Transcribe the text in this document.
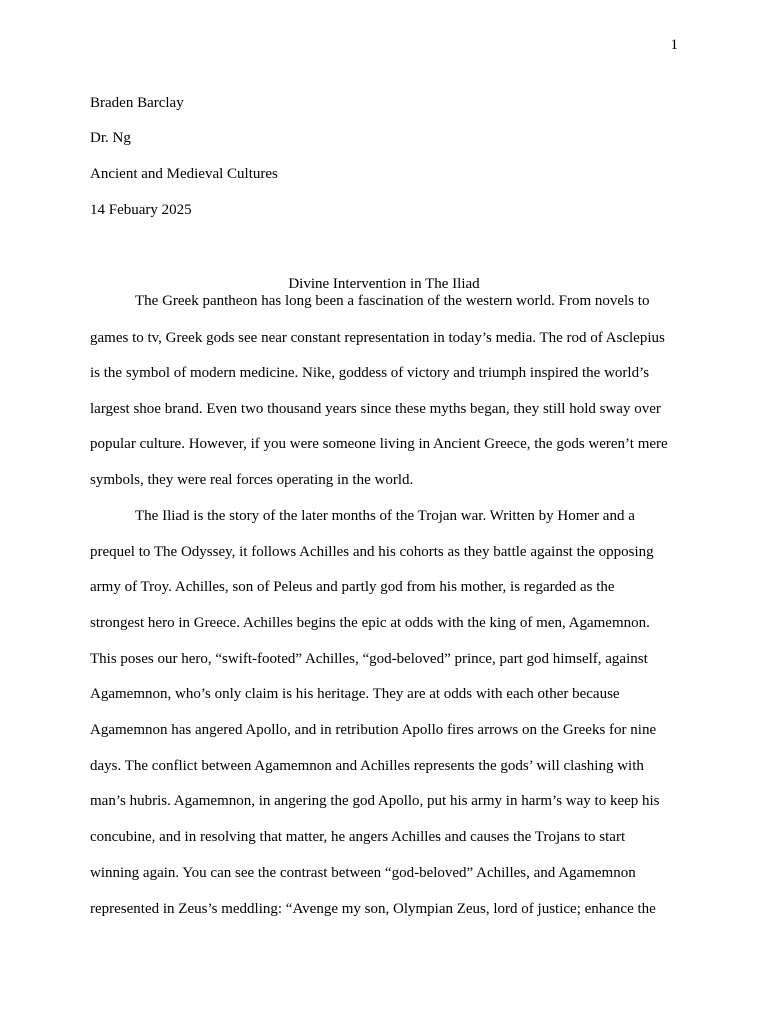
1
Braden Barclay
Dr. Ng
Ancient and Medieval Cultures
14 Febuary 2025
Divine Intervention in The Iliad
The Greek pantheon has long been a fascination of the western world. From novels to
games to tv, Greek gods see near constant representation in today’s media. The rod of Asclepius
is the symbol of modern medicine. Nike, goddess of victory and triumph inspired the world’s
largest shoe brand. Even two thousand years since these myths began, they still hold sway over
popular culture. However, if you were someone living in Ancient Greece, the gods weren’t mere
symbols, they were real forces operating in the world.
The Iliad is the story of the later months of the Trojan war. Written by Homer and a
prequel to The Odyssey, it follows Achilles and his cohorts as they battle against the opposing
army of Troy. Achilles, son of Peleus and partly god from his mother, is regarded as the
strongest hero in Greece. Achilles begins the epic at odds with the king of men, Agamemnon.
This poses our hero, “swift-footed” Achilles, “god-beloved” prince, part god himself, against
Agamemnon, who’s only claim is his heritage. They are at odds with each other because
Agamemnon has angered Apollo, and in retribution Apollo fires arrows on the Greeks for nine
days. The conflict between Agamemnon and Achilles represents the gods’ will clashing with
man’s hubris. Agamemnon, in angering the god Apollo, put his army in harm’s way to keep his
concubine, and in resolving that matter, he angers Achilles and causes the Trojans to start
winning again. You can see the contrast between “god-beloved” Achilles, and Agamemnon
represented in Zeus’s meddling: “Avenge my son, Olympian Zeus, lord of justice; enhance the
